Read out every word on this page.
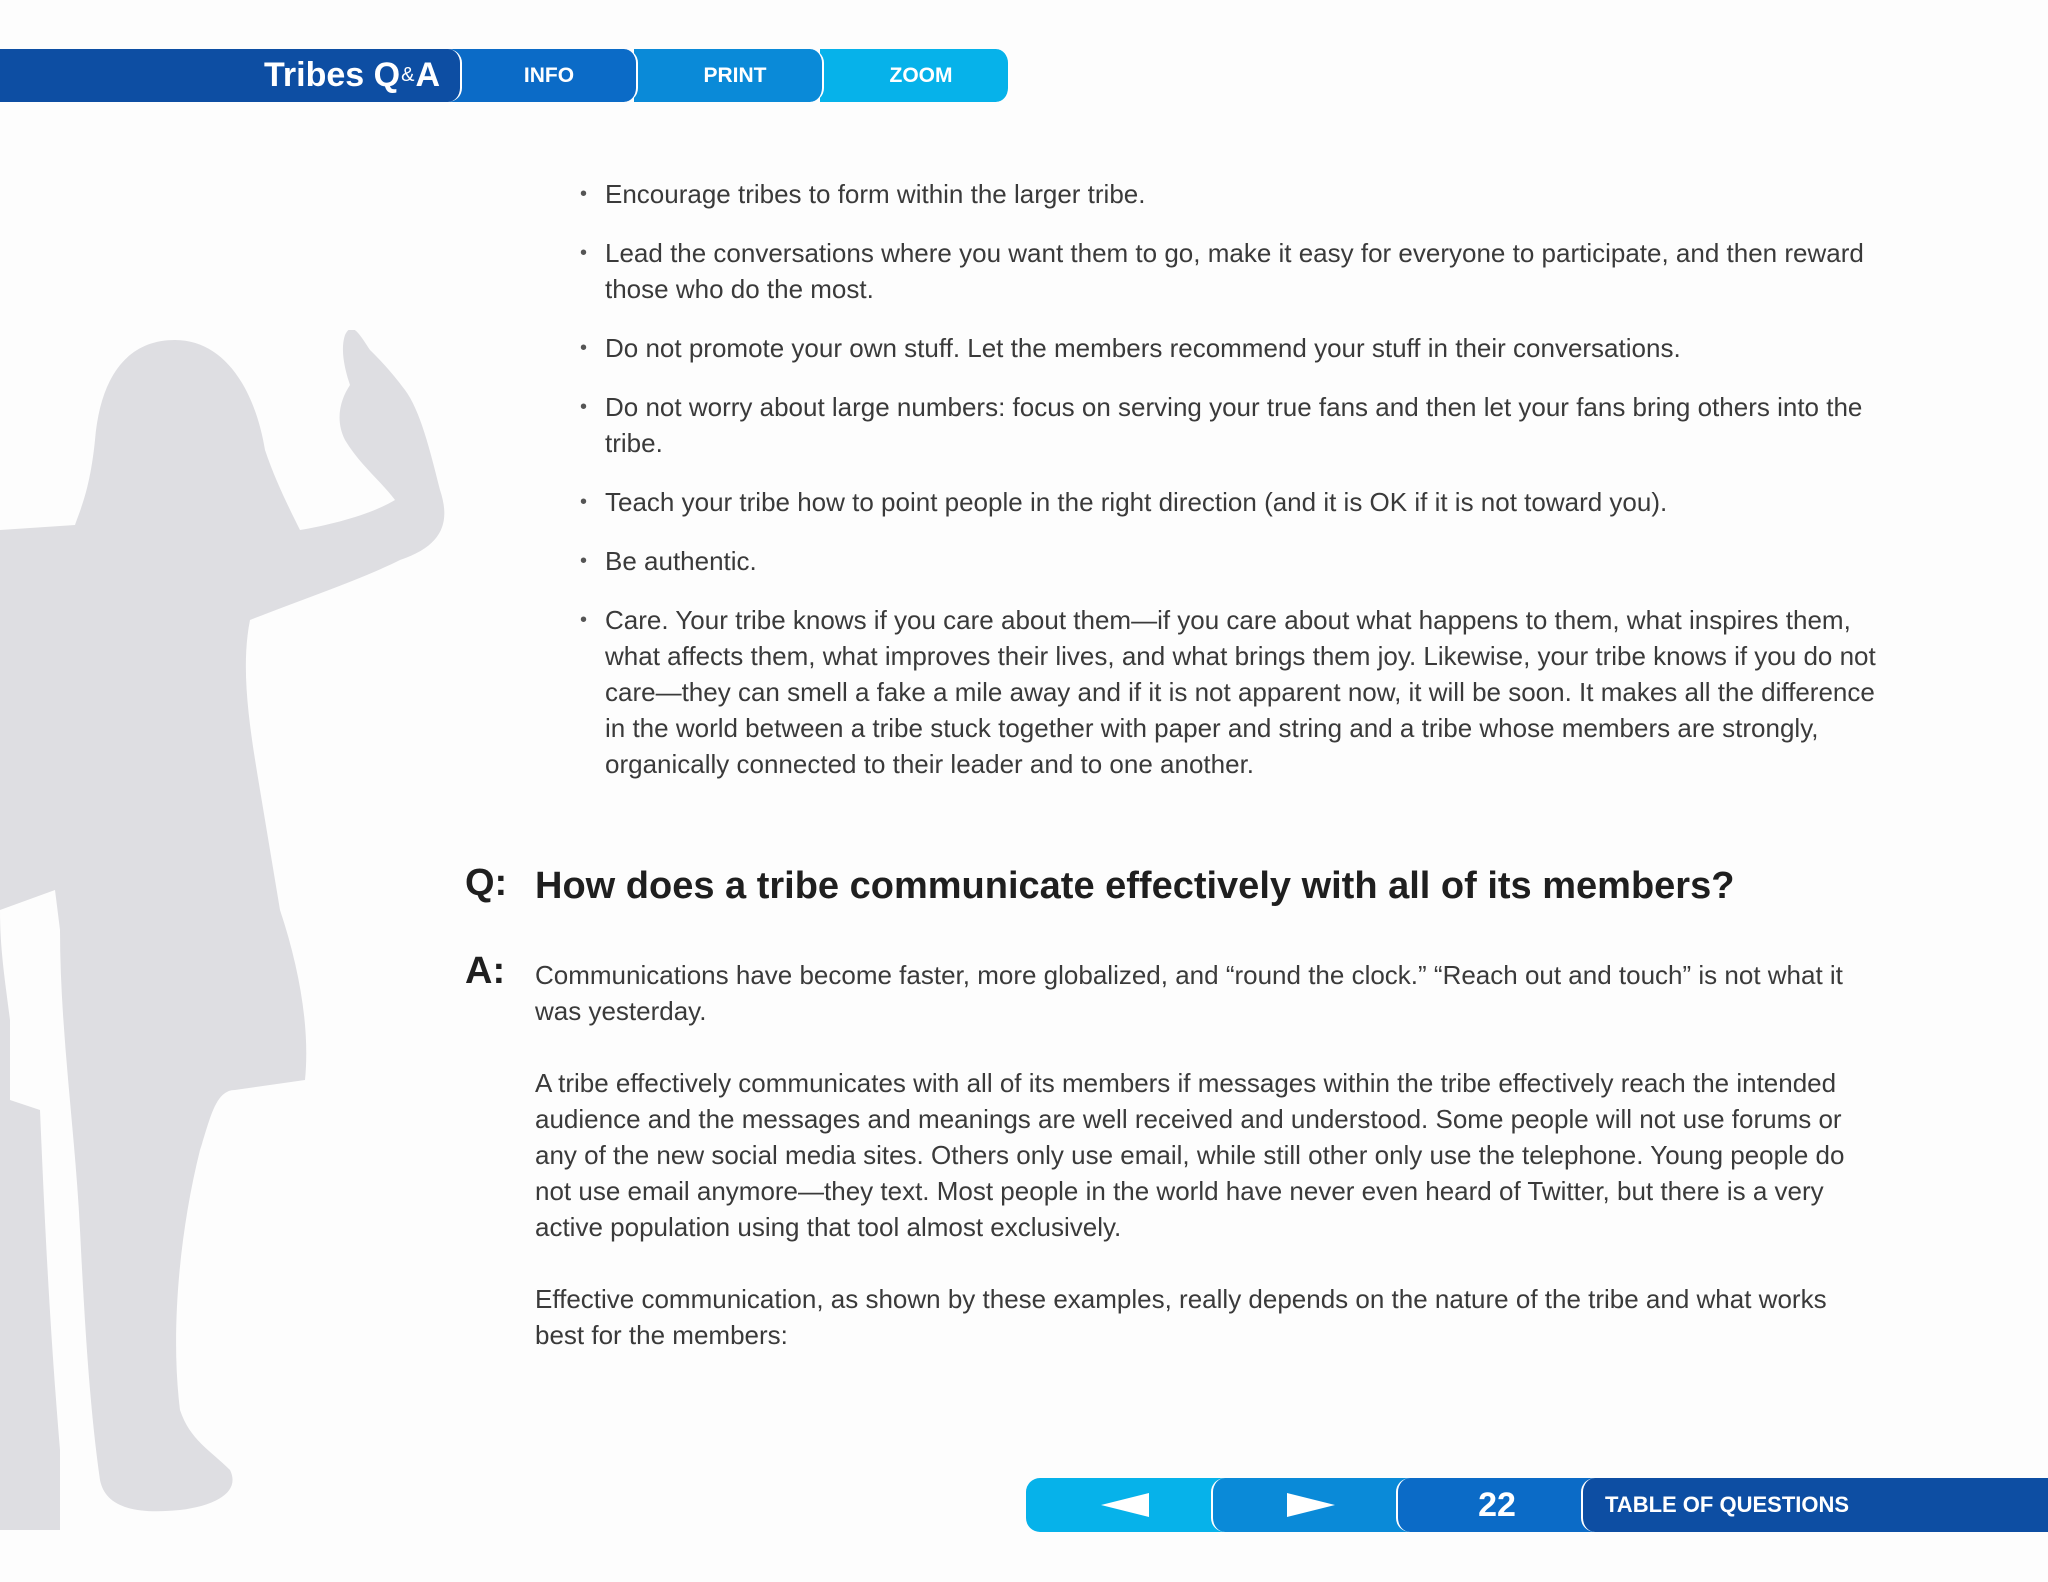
Tribes Q & A	INFO	PRINT	ZOOM
• Encourage tribes to form within the larger tribe.
• Lead the conversations where you want them to go, make it easy for everyone to participate, and then reward those who do the most.
• Do not promote your own stuff. Let the members recommend your stuff in their conversations.
• Do not worry about large numbers: focus on serving your true fans and then let your fans bring others into the tribe.
• Teach your tribe how to point people in the right direction (and it is OK if it is not toward you).
• Be authentic.
• Care. Your tribe knows if you care about them—if you care about what happens to them, what inspires them, what affects them, what improves their lives, and what brings them joy. Likewise, your tribe knows if you do not care—they can smell a fake a mile away and if it is not apparent now, it will be soon. It makes all the difference in the world between a tribe stuck together with paper and string and a tribe whose members are strongly, organically connected to their leader and to one another.
Q: How does a tribe communicate effectively with all of its members?
A: Communications have become faster, more globalized, and “round the clock.” “Reach out and touch” is not what it was yesterday.

A tribe effectively communicates with all of its members if messages within the tribe effectively reach the intended audience and the messages and meanings are well received and understood. Some people will not use forums or any of the new social media sites. Others only use email, while still other only use the telephone. Young people do not use email anymore—they text. Most people in the world have never even heard of Twitter, but there is a very active population using that tool almost exclusively.

Effective communication, as shown by these examples, really depends on the nature of the tribe and what works best for the members:

22	TABLE OF QUESTIONS
